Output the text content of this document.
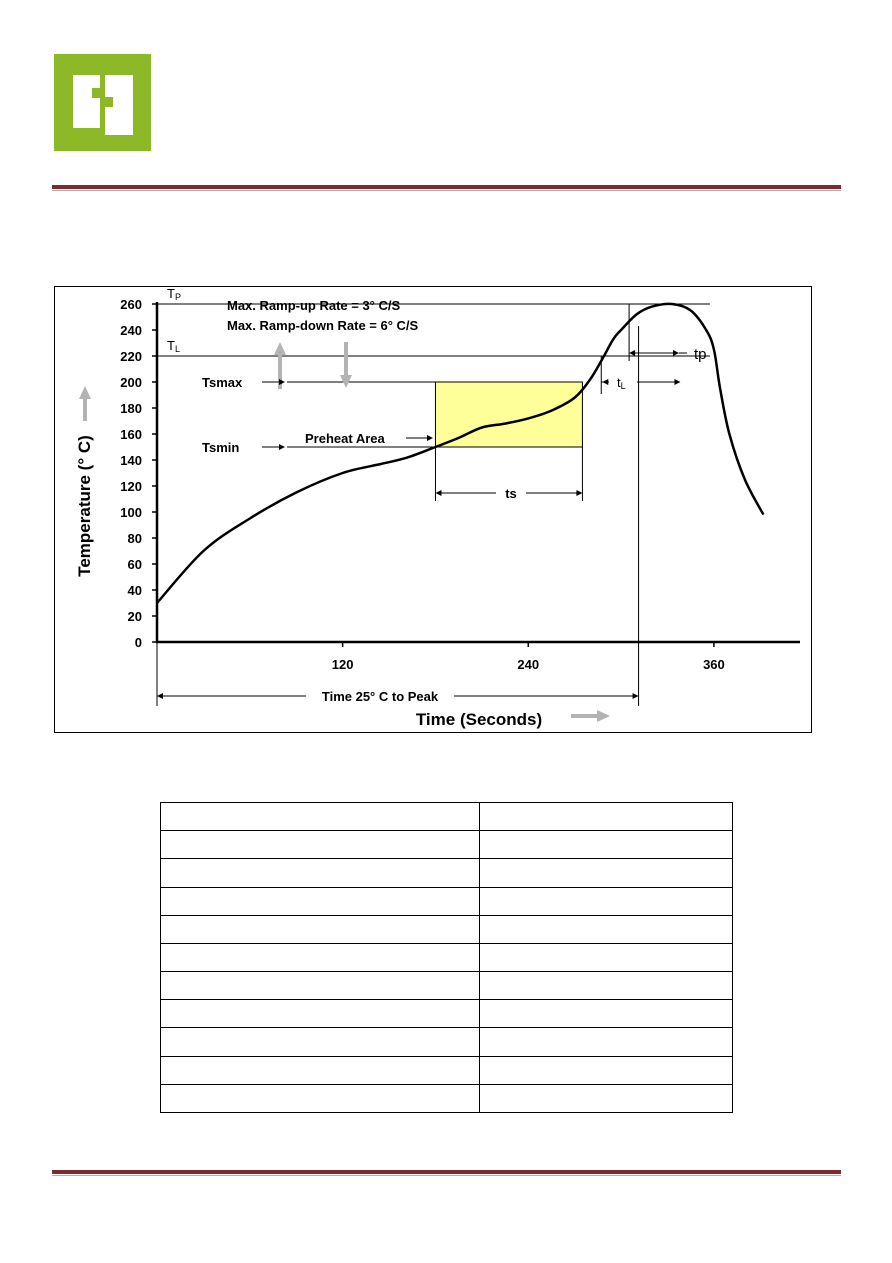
0
20
40
60
80
100
120
140
160
180
200
220
240
260
120	240	360
Temperature (° C)
Time (Seconds)
Max. Ramp-up Rate = 3° C/S
Max. Ramp-down Rate = 6° C/S
TP
TL
Tsmax
Tsmin
Preheat Area
ts
tL
tp
Time 25° C to Peak
